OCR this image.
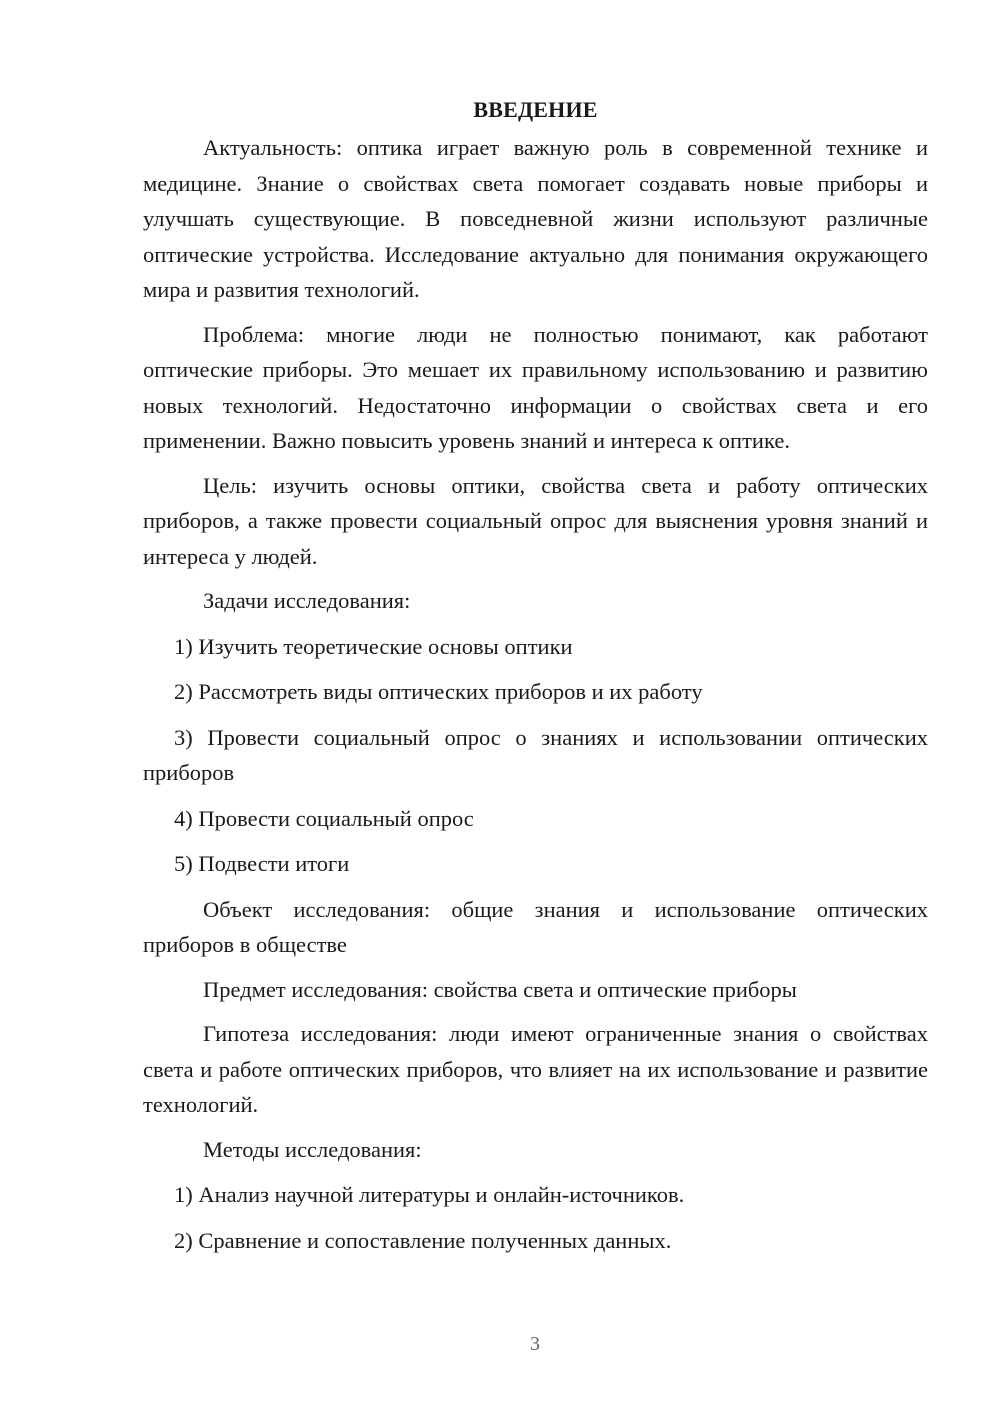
ВВЕДЕНИЕ

Актуальность: оптика играет важную роль в современной технике и медицине. Знание о свойствах света помогает создавать новые приборы и улучшать существующие. В повседневной жизни используют различные оптические устройства. Исследование актуально для понимания окружающего мира и развития технологий.

Проблема: многие люди не полностью понимают, как работают оптические приборы. Это мешает их правильному использованию и развитию новых технологий. Недостаточно информации о свойствах света и его применении. Важно повысить уровень знаний и интереса к оптике.

Цель: изучить основы оптики, свойства света и работу оптических приборов, а также провести социальный опрос для выяснения уровня знаний и интереса у людей.

Задачи исследования:

1) Изучить теоретические основы оптики

2) Рассмотреть виды оптических приборов и их работу

3) Провести социальный опрос о знаниях и использовании оптических приборов

4) Провести социальный опрос

5) Подвести итоги

Объект исследования: общие знания и использование оптических приборов в обществе

Предмет исследования: свойства света и оптические приборы

Гипотеза исследования: люди имеют ограниченные знания о свойствах света и работе оптических приборов, что влияет на их использование и развитие технологий.

Методы исследования:

1) Анализ научной литературы и онлайн-источников.

2) Сравнение и сопоставление полученных данных.

3
